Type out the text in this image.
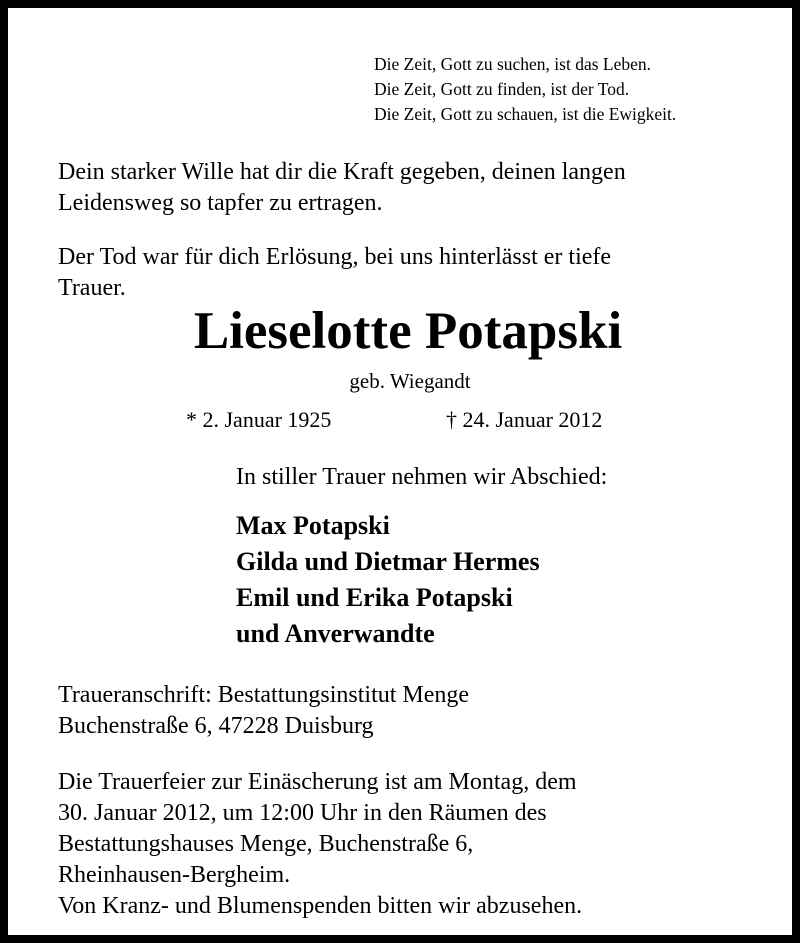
Die Zeit, Gott zu suchen, ist das Leben.
Die Zeit, Gott zu finden, ist der Tod.
Die Zeit, Gott zu schauen, ist die Ewigkeit.
Dein starker Wille hat dir die Kraft gegeben, deinen langen
Leidensweg so tapfer zu ertragen.
Der Tod war für dich Erlösung, bei uns hinterlässt er tiefe
Trauer.
Lieselotte Potapski
geb. Wiegandt
* 2. Januar 1925	† 24. Januar 2012
In stiller Trauer nehmen wir Abschied:
Max Potapski
Gilda und Dietmar Hermes
Emil und Erika Potapski
und Anverwandte
Traueranschrift: Bestattungsinstitut Menge
Buchenstraße 6, 47228 Duisburg
Die Trauerfeier zur Einäscherung ist am Montag, dem
30. Januar 2012, um 12:00 Uhr in den Räumen des
Bestattungshauses Menge, Buchenstraße 6,
Rheinhausen-Bergheim.
Von Kranz- und Blumenspenden bitten wir abzusehen.
